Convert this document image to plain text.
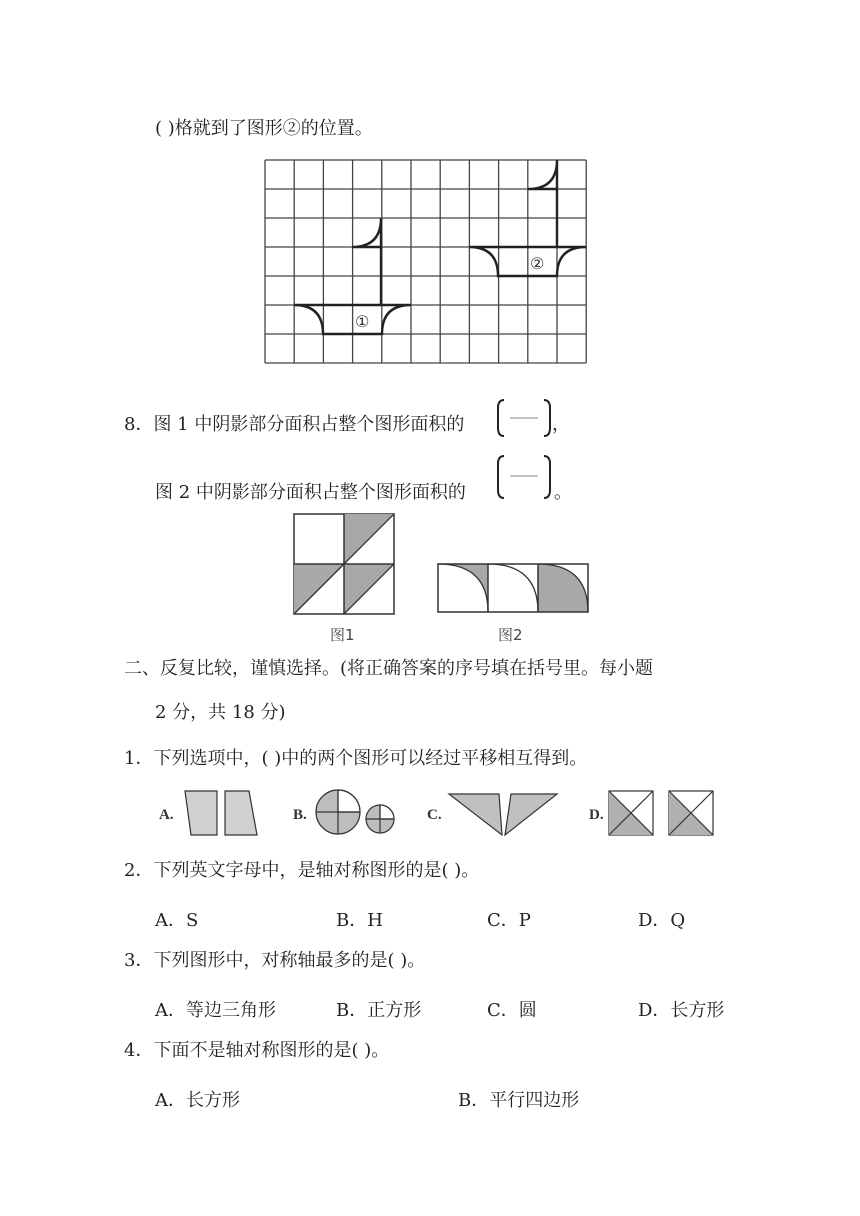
( )格就到了图形②的位置。
①
②
8．图 1 中阴影部分面积占整个图形面积的	，
图 2 中阴影部分面积占整个图形面积的	。
图1	图2
二、反复比较，谨慎选择。(将正确答案的序号填在括号里。每小题
2 分，共 18 分)
1．下列选项中，( )中的两个图形可以经过平移相互得到。
A.	B.	C.	D.
2．下列英文字母中，是轴对称图形的是( )。
A．S	B．H	C．P	D．Q
3．下列图形中，对称轴最多的是( )。
A．等边三角形	B．正方形	C．圆	D．长方形
4．下面不是轴对称图形的是( )。
A．长方形	B．平行四边形
